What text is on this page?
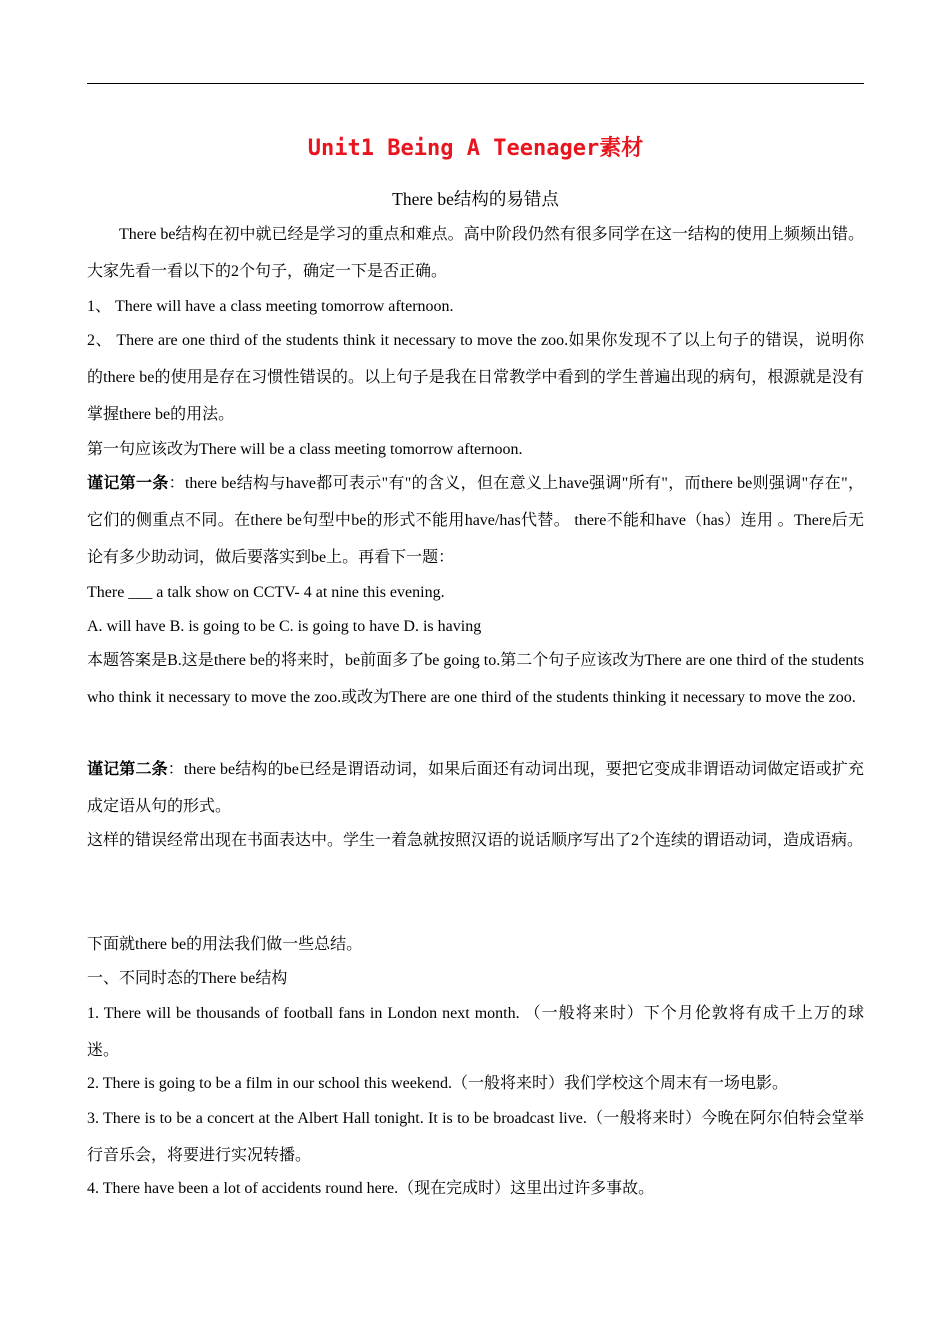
Unit1 Being A Teenager素材
There be结构的易错点
There be结构在初中就已经是学习的重点和难点。高中阶段仍然有很多同学在这一结构的使用上频频出错。大家先看一看以下的2个句子，确定一下是否正确。
1、 There will have a class meeting tomorrow afternoon.
2、 There are one third of the students think it necessary to move the zoo.如果你发现不了以上句子的错误，说明你的there be的使用是存在习惯性错误的。以上句子是我在日常教学中看到的学生普遍出现的病句，根源就是没有掌握there be的用法。
第一句应该改为There will be a class meeting tomorrow afternoon.
谨记第一条：there be结构与have都可表示"有"的含义，但在意义上have强调"所有"，而there be则强调"存在"，它们的侧重点不同。在there be句型中be的形式不能用have/has代替。 there不能和have（has）连用 。There后无论有多少助动词，做后要落实到be上。再看下一题：
There ___ a talk show on CCTV- 4 at nine this evening.
A. will have B. is going to be C. is going to have D. is having
本题答案是B.这是there be的将来时，be前面多了be going to.第二个句子应该改为There are one third of the students who think it necessary to move the zoo.或改为There are one third of the students thinking it necessary to move the zoo.
谨记第二条：there be结构的be已经是谓语动词，如果后面还有动词出现，要把它变成非谓语动词做定语或扩充成定语从句的形式。
这样的错误经常出现在书面表达中。学生一着急就按照汉语的说话顺序写出了2个连续的谓语动词，造成语病。
下面就there be的用法我们做一些总结。
一、不同时态的There be结构
1. There will be thousands of football fans in London next month. （一般将来时）下个月伦敦将有成千上万的球迷。
2. There is going to be a film in our school this weekend.（一般将来时）我们学校这个周末有一场电影。
3. There is to be a concert at the Albert Hall tonight. It is to be broadcast live.（一般将来时）今晚在阿尔伯特会堂举行音乐会，将要进行实况转播。
4. There have been a lot of accidents round here.（现在完成时）这里出过许多事故。
